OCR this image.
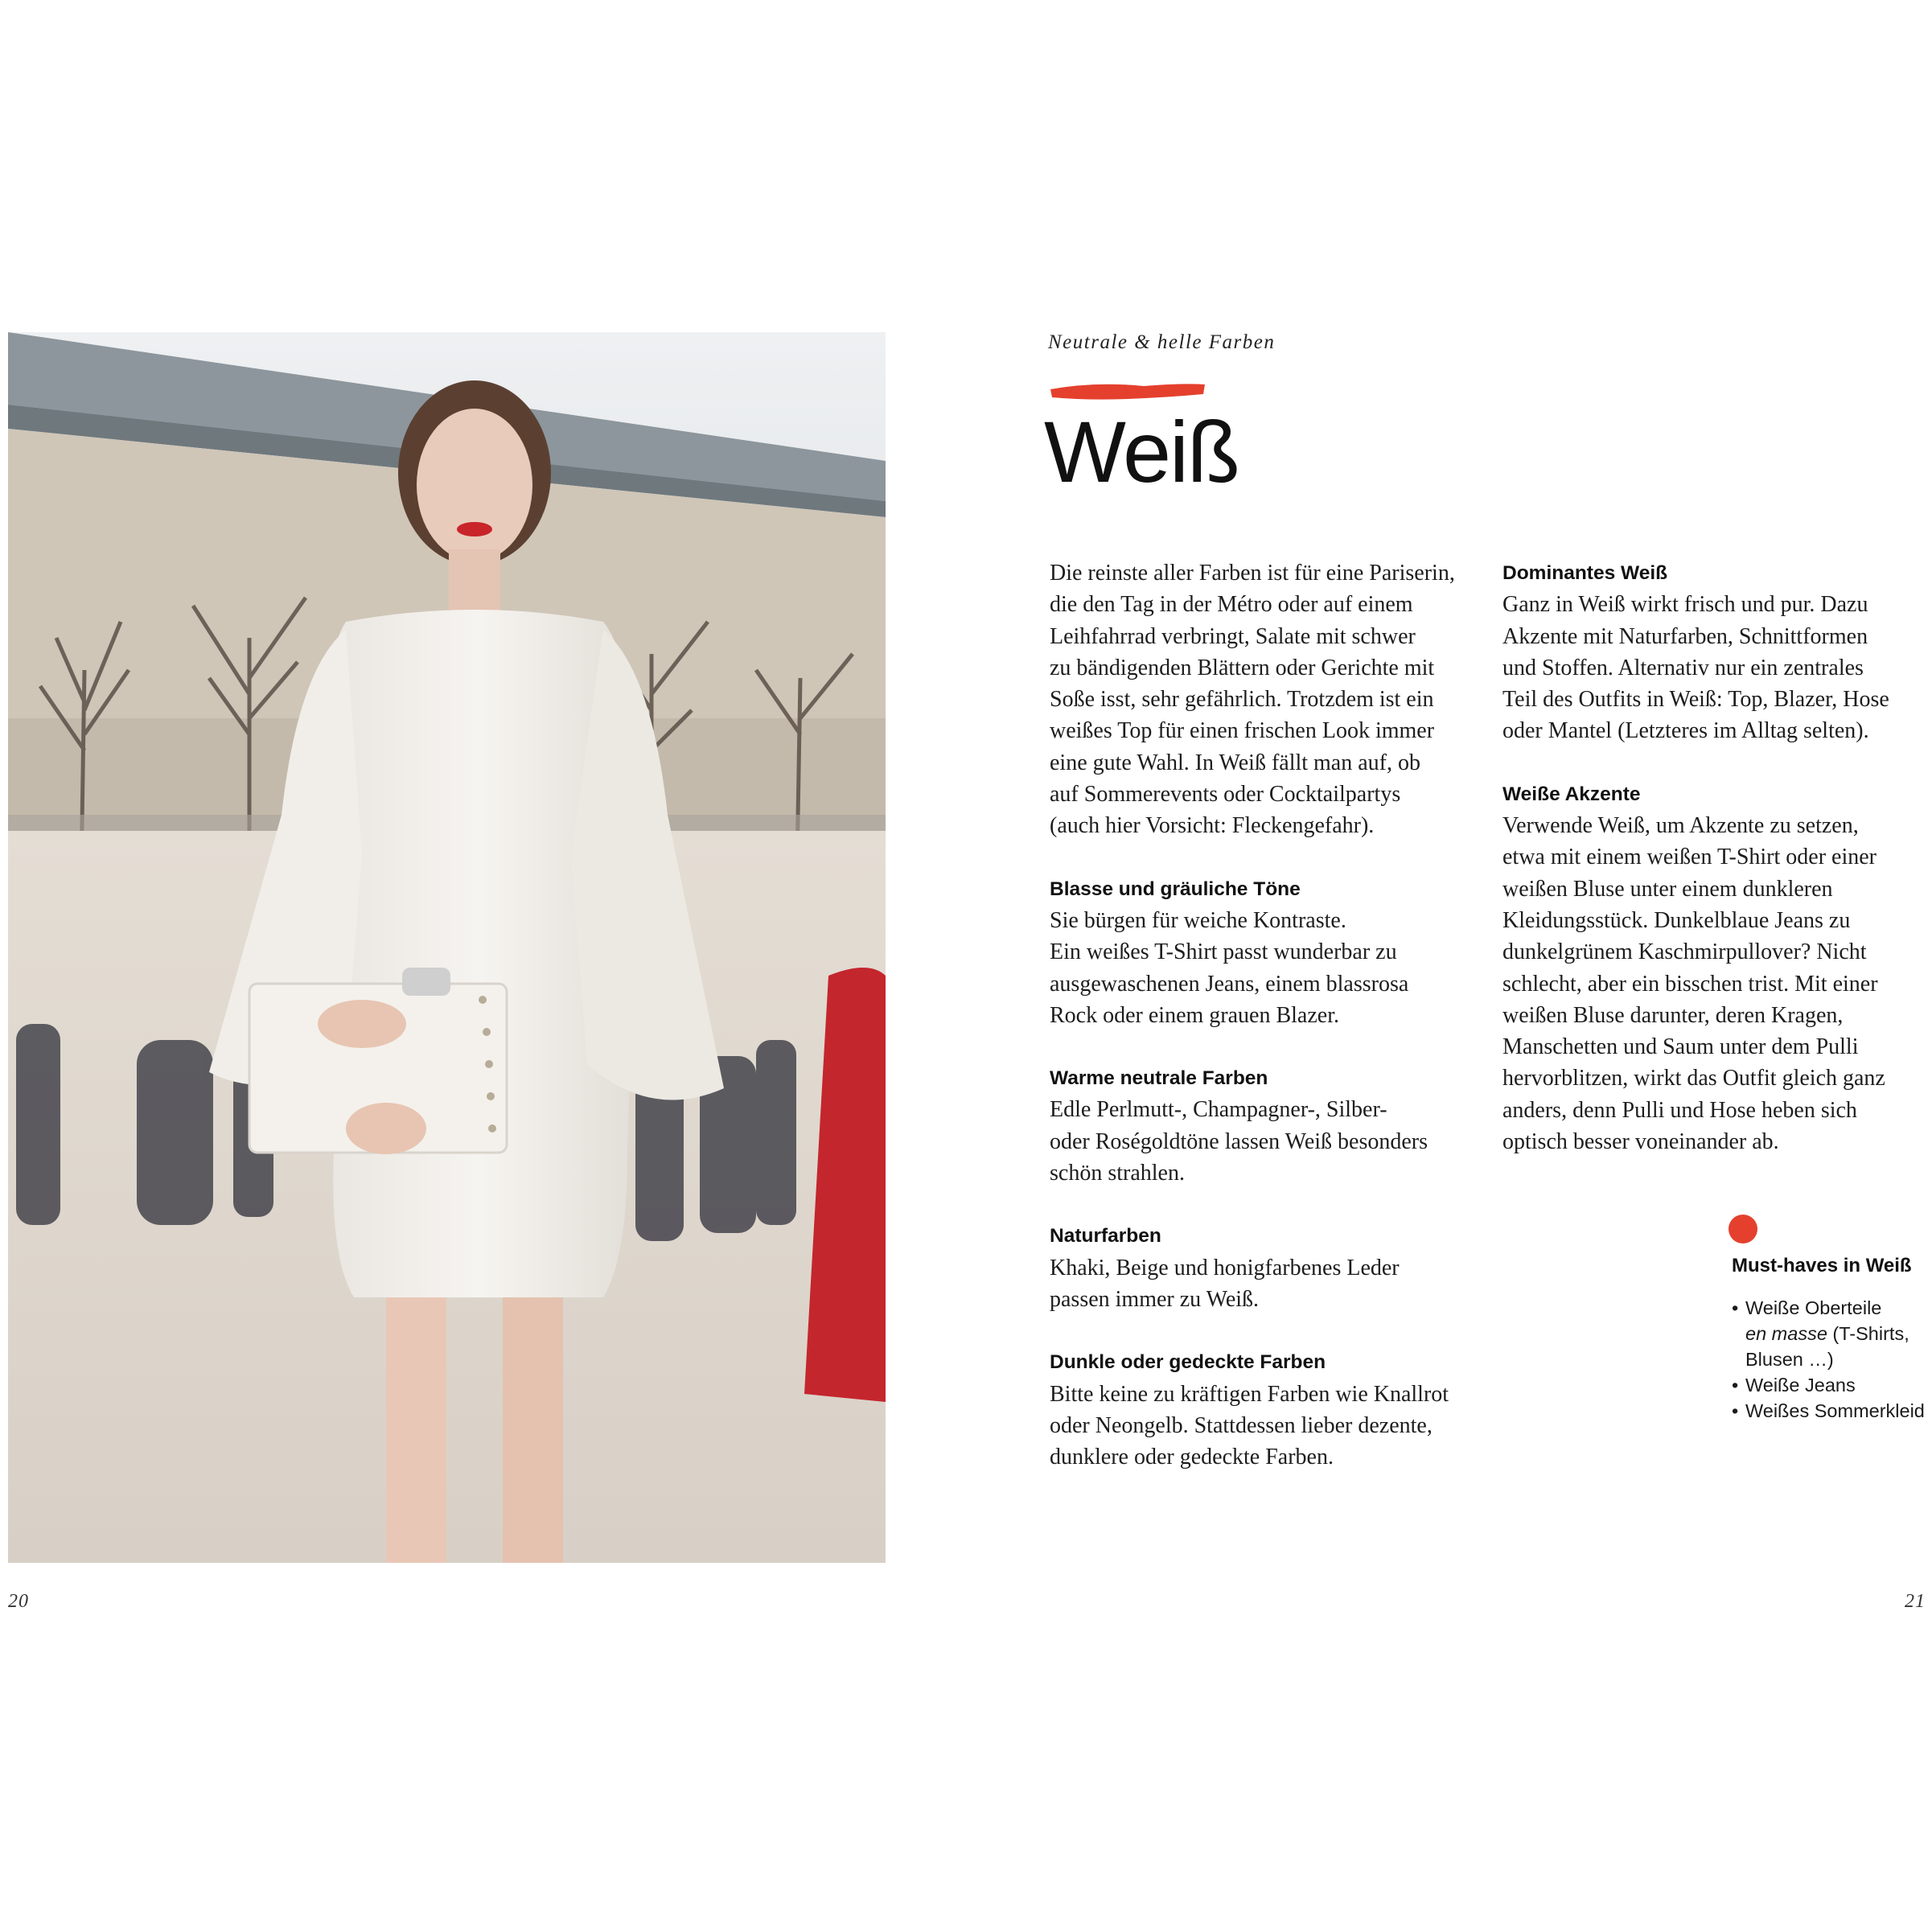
Neutrale & helle Farben
Weiß
Die reinste aller Farben ist für eine Pariserin,
die den Tag in der Métro oder auf einem
Leihfahrrad verbringt, Salate mit schwer
zu bändigenden Blättern oder Gerichte mit
Soße isst, sehr gefährlich. Trotzdem ist ein
weißes Top für einen frischen Look immer
eine gute Wahl. In Weiß fällt man auf, ob
auf Sommerevents oder Cocktailpartys
(auch hier Vorsicht: Fleckengefahr).
Blasse und gräuliche Töne
Sie bürgen für weiche Kontraste.
Ein weißes T-Shirt passt wunderbar zu
ausgewaschenen Jeans, einem blassrosa
Rock oder einem grauen Blazer.
Warme neutrale Farben
Edle Perlmutt-, Champagner-, Silber-
oder Roségoldtöne lassen Weiß besonders
schön strahlen.
Naturfarben
Khaki, Beige und honigfarbenes Leder
passen immer zu Weiß.
Dunkle oder gedeckte Farben
Bitte keine zu kräftigen Farben wie Knallrot
oder Neongelb. Stattdessen lieber dezente,
dunklere oder gedeckte Farben.
Dominantes Weiß
Ganz in Weiß wirkt frisch und pur. Dazu
Akzente mit Naturfarben, Schnittformen
und Stoffen. Alternativ nur ein zentrales
Teil des Outfits in Weiß: Top, Blazer, Hose
oder Mantel (Letzteres im Alltag selten).
Weiße Akzente
Verwende Weiß, um Akzente zu setzen,
etwa mit einem weißen T-Shirt oder einer
weißen Bluse unter einem dunkleren
Kleidungsstück. Dunkelblaue Jeans zu
dunkelgrünem Kaschmirpullover? Nicht
schlecht, aber ein bisschen trist. Mit einer
weißen Bluse darunter, deren Kragen,
Manschetten und Saum unter dem Pulli
hervorblitzen, wirkt das Outfit gleich ganz
anders, denn Pulli und Hose heben sich
optisch besser voneinander ab.
Must-haves in Weiß
• Weiße Oberteile
en masse (T-Shirts,
Blusen …)
• Weiße Jeans
• Weißes Sommerkleid
20	21
